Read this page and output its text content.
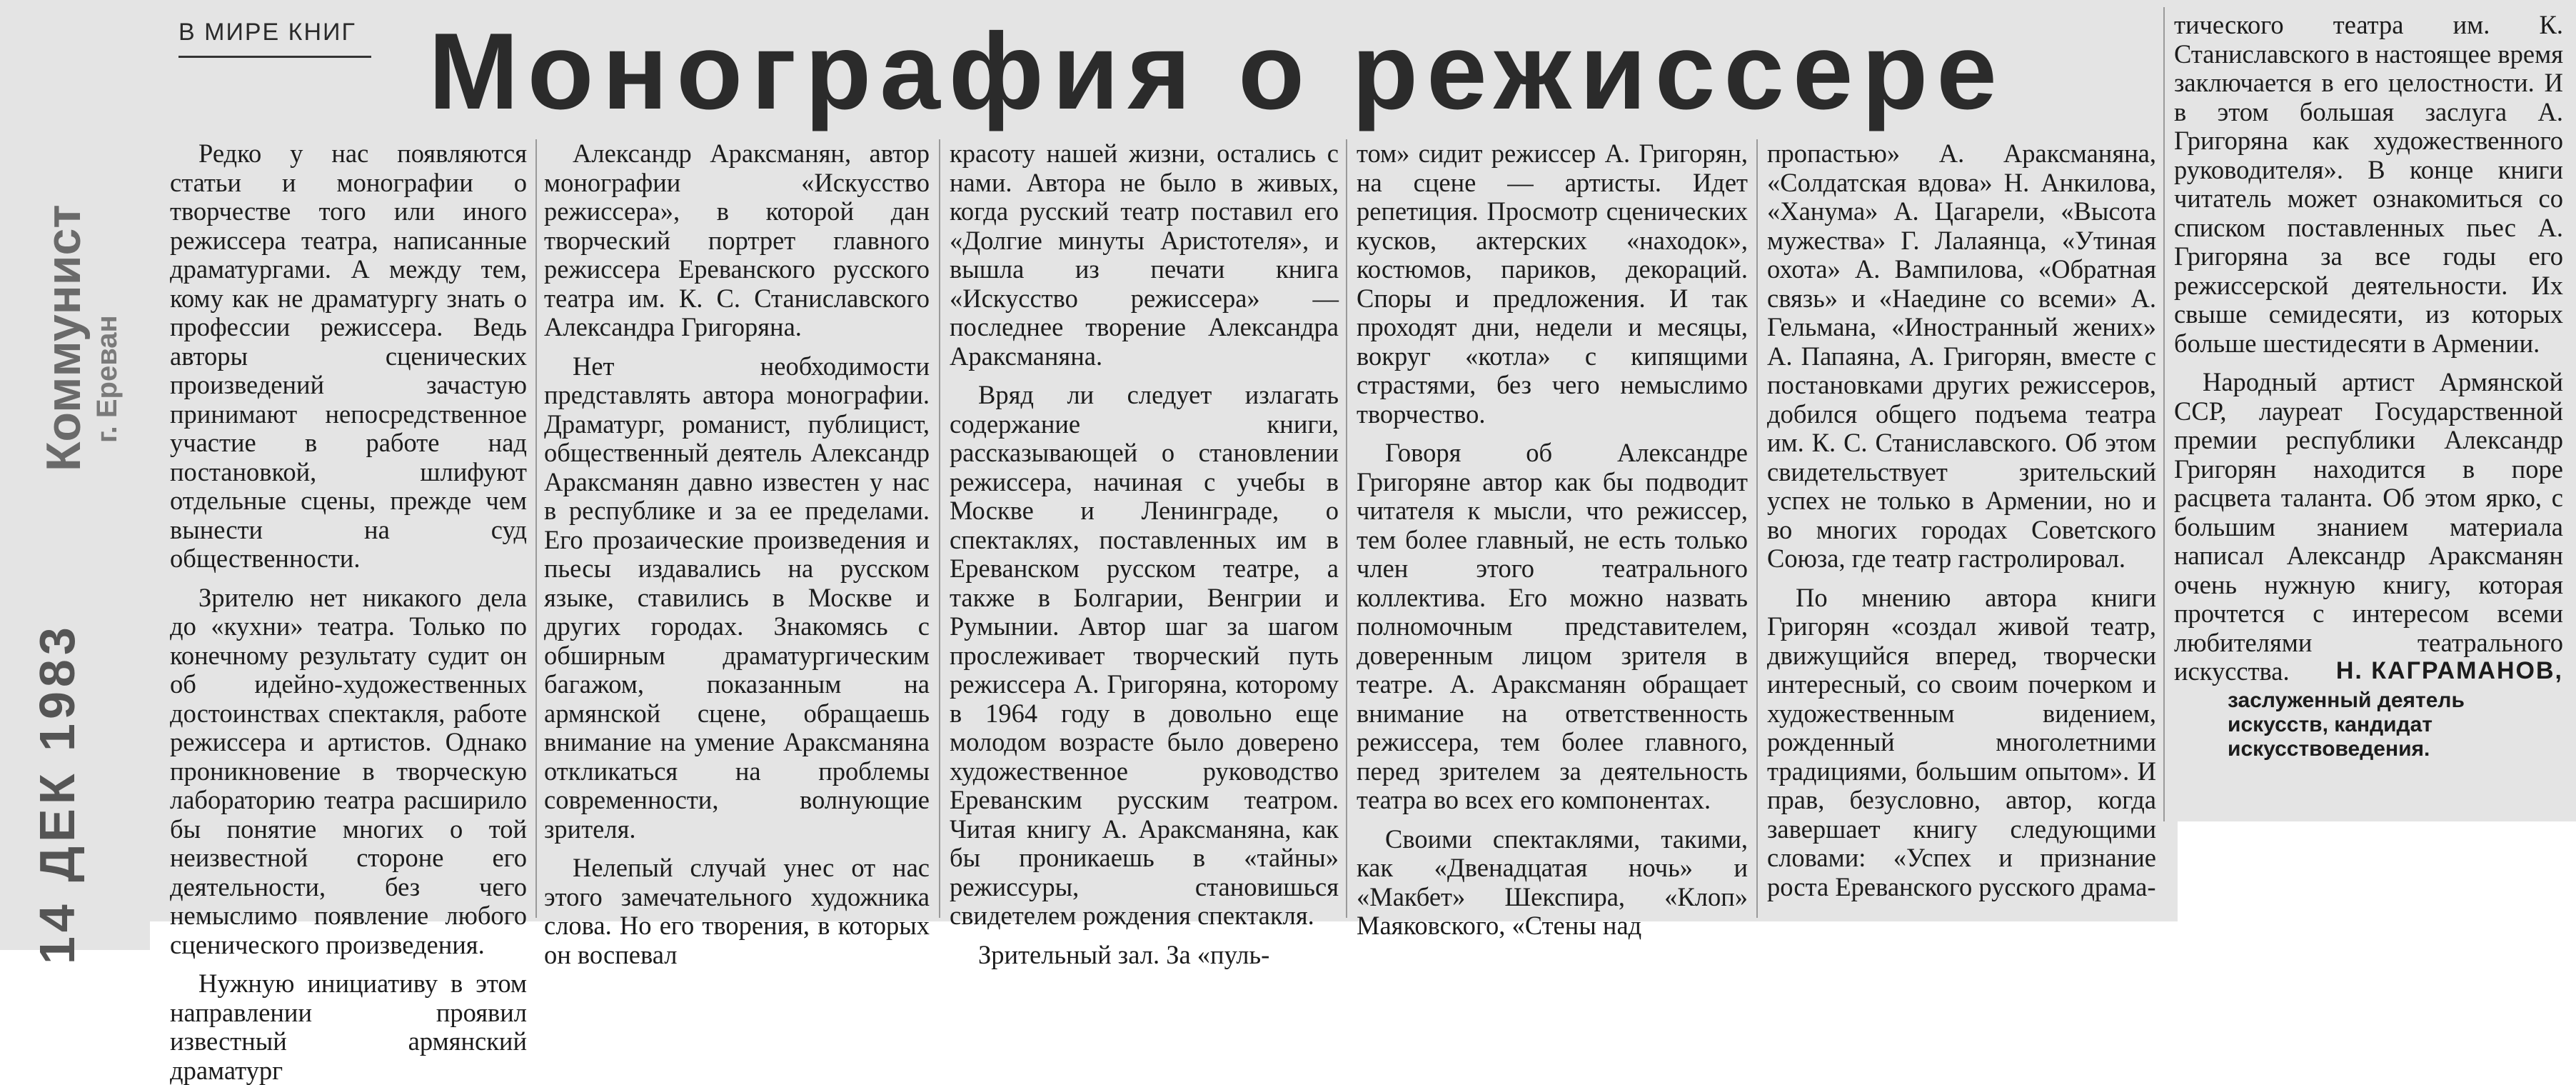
Коммунист г. Ереван
14 ДЕК 1983
В МИРЕ КНИГ Монография о режиссере

Редко у нас появляются статьи и монографии о творчестве того или иного режиссера театра, написанные драматургами. А между тем, кому как не драматургу знать о профессии режиссера. Ведь авторы сценических произведений зачастую принимают непосредственное участие в работе над постановкой, шлифуют отдельные сцены, прежде чем вынести на суд общественности.

Зрителю нет никакого дела до «кухни» театра. Только по конечному результату судит он об идейно-художественных достоинствах спектакля, работе режиссера и артистов. Однако проникновение в творческую лабораторию театра расширило бы понятие многих о той неизвестной стороне его деятельности, без чего немыслимо появление любого сценического произведения.

Нужную инициативу в этом направлении проявил известный армянский драматург

Александр Араксманян, автор монографии «Искусство режиссера», в которой дан творческий портрет главного режиссера Ереванского русского театра им. К. С. Станиславского Александра Григоряна.

Нет необходимости представлять автора монографии. Драматург, романист, публицист, общественный деятель Александр Араксманян давно известен у нас в республике и за ее пределами. Его прозаические произведения и пьесы издавались на русском языке, ставились в Москве и других городах. Знакомясь с обширным драматургическим багажом, показанным на армянской сцене, обращаешь внимание на умение Араксманяна откликаться на проблемы современности, волнующие зрителя.

Нелепый случай унес от нас этого замечательного художника слова. Но его творения, в которых он воспевал

красоту нашей жизни, остались с нами. Автора не было в живых, когда русский театр поставил его «Долгие минуты Аристотеля», и вышла из печати книга «Искусство режиссера» — последнее творение Александра Араксманяна.

Вряд ли следует излагать содержание книги, рассказывающей о становлении режиссера, начиная с учебы в Москве и Ленинграде, о спектаклях, поставленных им в Ереванском русском театре, а также в Болгарии, Венгрии и Румынии. Автор шаг за шагом прослеживает творческий путь режиссера А. Григоряна, которому в 1964 году в довольно еще молодом возрасте было доверено художественное руководство Ереванским русским театром. Читая книгу А. Араксманяна, как бы проникаешь в «тайны» режиссуры, становишься свидетелем рождения спектакля.

Зрительный зал. За «пуль-

том» сидит режиссер А. Григорян, на сцене — артисты. Идет репетиция. Просмотр сценических кусков, актерских «находок», костюмов, париков, декораций. Споры и предложения. И так проходят дни, недели и месяцы, вокруг «котла» с кипящими страстями, без чего немыслимо творчество.

Говоря об Александре Григоряне автор как бы подводит читателя к мысли, что режиссер, тем более главный, не есть только член этого театрального коллектива. Его можно назвать полномочным представителем, доверенным лицом зрителя в театре. А. Араксманян обращает внимание на ответственность режиссера, тем более главного, перед зрителем за деятельность театра во всех его компонентах.

Своими спектаклями, такими, как «Двенадцатая ночь» и «Макбет» Шекспира, «Клоп» Маяковского, «Стены над

пропастью» А. Араксманяна, «Солдатская вдова» Н. Анкилова, «Ханума» А. Цагарели, «Высота мужества» Г. Лалаянца, «Утиная охота» А. Вампилова, «Обратная связь» и «Наедине со всеми» А. Гельмана, «Иностранный жених» А. Папаяна, А. Григорян, вместе с постановками других режиссеров, добился общего подъема театра им. К. С. Станиславского. Об этом свидетельствует зрительский успех не только в Армении, но и во многих городах Советского Союза, где театр гастролировал.

По мнению автора книги Григорян «создал живой театр, движущийся вперед, творчески интересный, со своим почерком и художественным видением, рожденный многолетними традициями, большим опытом». И прав, безусловно, автор, когда завершает книгу следующими словами: «Успех и признание роста Ереванского русского драма-

тического театра им. К. Станиславского в настоящее время заключается в его целостности. И в этом большая заслуга А. Григоряна как художественного руководителя». В конце книги читатель может ознакомиться со списком поставленных пьес А. Григоряна за все годы его режиссерской деятельности. Их свыше семидесяти, из которых больше шестидесяти в Армении.

Народный артист Армянской ССР, лауреат Государственной премии республики Александр Григорян находится в поре расцвета таланта. Об этом ярко, с большим знанием материала написал Александр Араксманян очень нужную книгу, которая прочтется с интересом всеми любителями театрального искусства.	Н. КАГРАМАНОВ,
заслуженный деятель искусств, кандидат искусствоведения.
